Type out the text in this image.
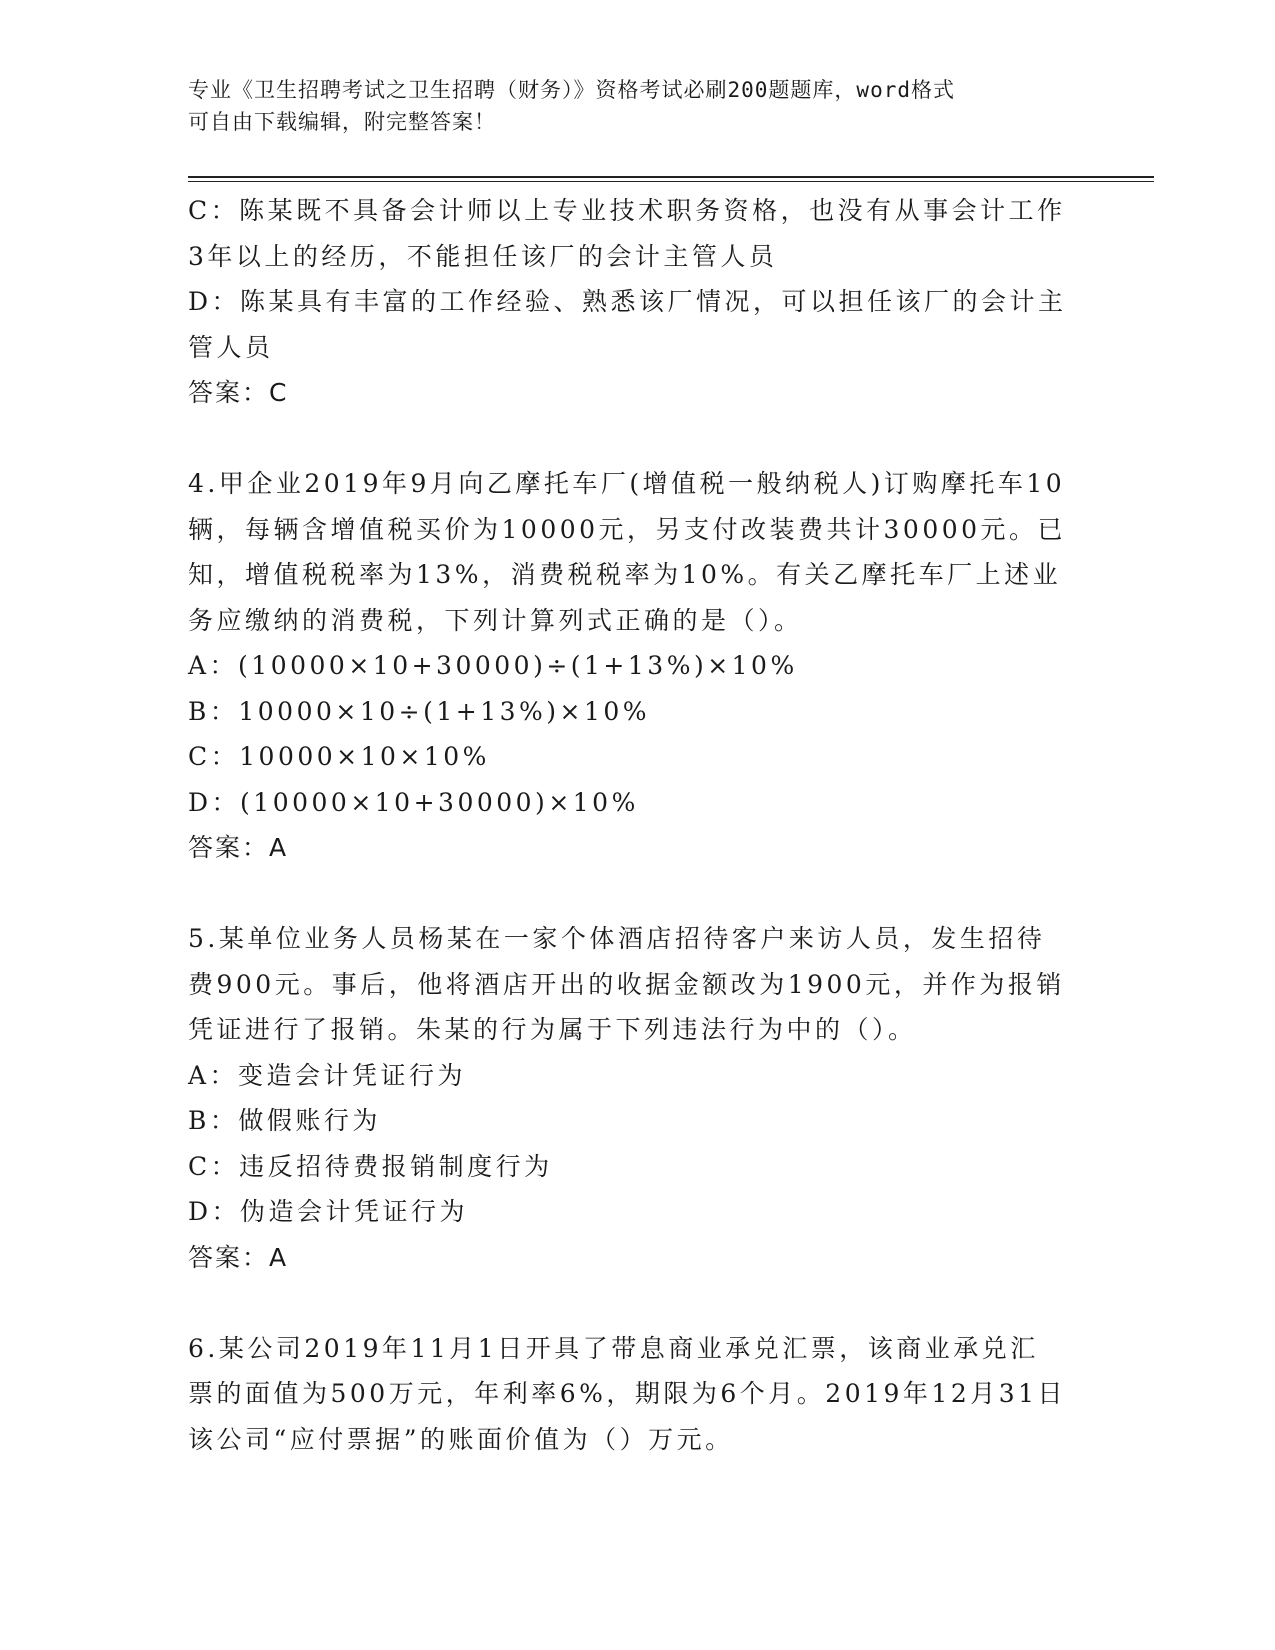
专业《卫生招聘考试之卫生招聘（财务）》资格考试必刷200题题库，word格式
可自由下载编辑，附完整答案！

C：陈某既不具备会计师以上专业技术职务资格，也没有从事会计工作

3年以上的经历，不能担任该厂的会计主管人员

D：陈某具有丰富的工作经验、熟悉该厂情况，可以担任该厂的会计主

管人员

答案：C

4.甲企业2019年9月向乙摩托车厂(增值税一般纳税人)订购摩托车10

辆，每辆含增值税买价为10000元，另支付改装费共计30000元。已

知，增值税税率为13%，消费税税率为10%。有关乙摩托车厂上述业

务应缴纳的消费税，下列计算列式正确的是（）。

A：(10000×10+30000)÷(1+13%)×10%

B：10000×10÷(1+13%)×10%

C：10000×10×10%

D：(10000×10+30000)×10%

答案：A

5.某单位业务人员杨某在一家个体酒店招待客户来访人员，发生招待

费900元。事后，他将酒店开出的收据金额改为1900元，并作为报销

凭证进行了报销。朱某的行为属于下列违法行为中的（）。

A：变造会计凭证行为

B：做假账行为

C：违反招待费报销制度行为

D：伪造会计凭证行为

答案：A

6.某公司2019年11月1日开具了带息商业承兑汇票，该商业承兑汇

票的面值为500万元，年利率6%，期限为6个月。2019年12月31日

该公司“应付票据”的账面价值为（）万元。
